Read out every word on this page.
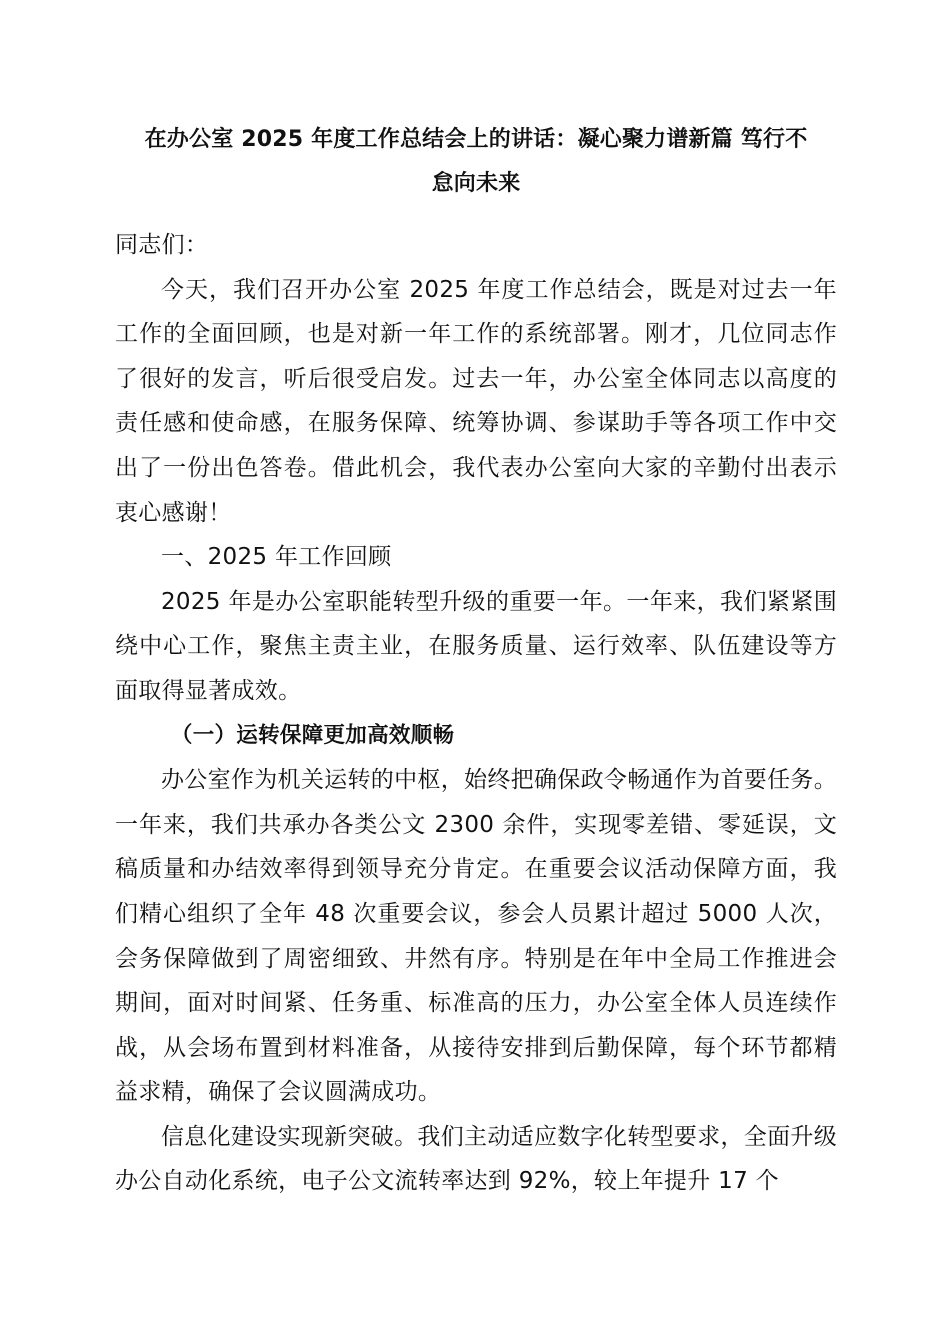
在办公室 2025 年度工作总结会上的讲话：凝心聚力谱新篇 笃行不
怠向未来

同志们：

今天，我们召开办公室 2025 年度工作总结会，既是对过去一年工作的全面回顾，也是对新一年工作的系统部署。刚才，几位同志作了很好的发言，听后很受启发。过去一年，办公室全体同志以高度的责任感和使命感，在服务保障、统筹协调、参谋助手等各项工作中交出了一份出色答卷。借此机会，我代表办公室向大家的辛勤付出表示衷心感谢！

一、2025 年工作回顾

2025 年是办公室职能转型升级的重要一年。一年来，我们紧紧围绕中心工作，聚焦主责主业，在服务质量、运行效率、队伍建设等方面取得显著成效。

（一）运转保障更加高效顺畅

办公室作为机关运转的中枢，始终把确保政令畅通作为首要任务。一年来，我们共承办各类公文 2300 余件，实现零差错、零延误，文稿质量和办结效率得到领导充分肯定。在重要会议活动保障方面，我们精心组织了全年 48 次重要会议，参会人员累计超过 5000 人次，会务保障做到了周密细致、井然有序。特别是在年中全局工作推进会期间，面对时间紧、任务重、标准高的压力，办公室全体人员连续作战，从会场布置到材料准备，从接待安排到后勤保障，每个环节都精益求精，确保了会议圆满成功。

信息化建设实现新突破。我们主动适应数字化转型要求，全面升级办公自动化系统，电子公文流转率达到 92%，较上年提升 17 个
